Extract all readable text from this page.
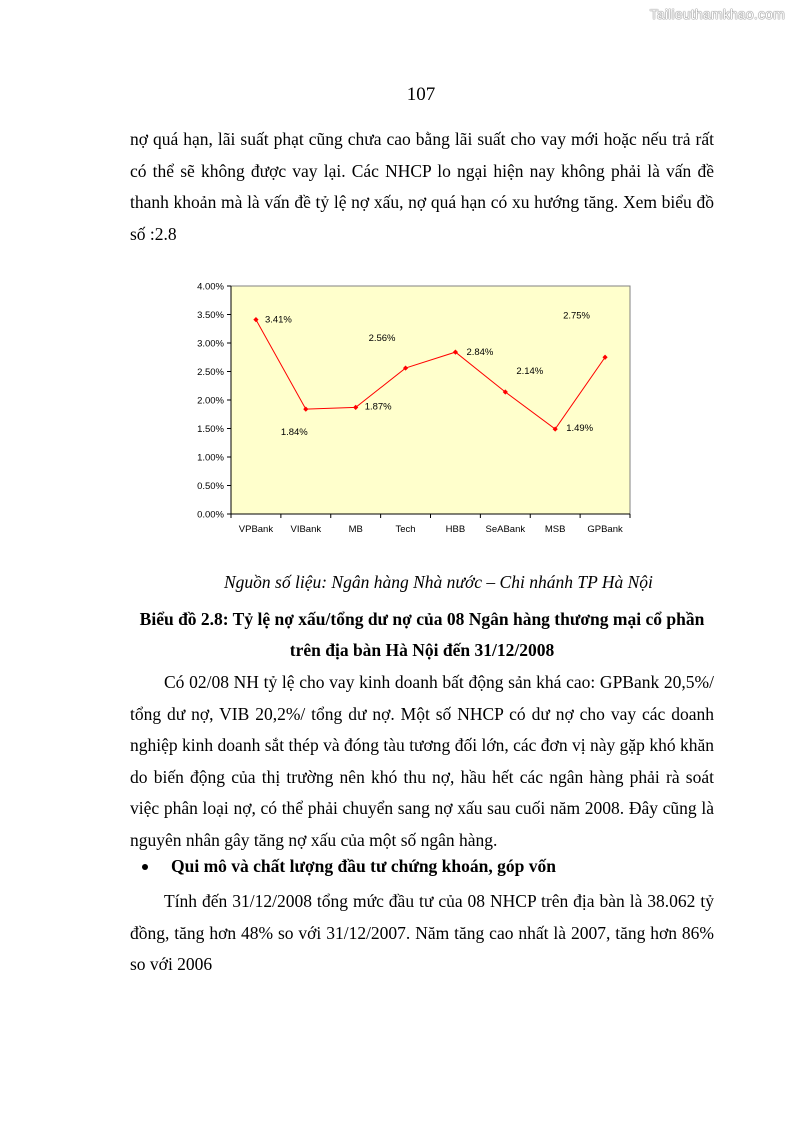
Tailieuthamkhao.com
107

nợ quá hạn, lãi suất phạt cũng chưa cao bằng lãi suất cho vay mới hoặc nếu trả rất có thể sẽ không được vay lại. Các NHCP lo ngại hiện nay không phải là vấn đề thanh khoản mà là vấn đề tỷ lệ nợ xấu, nợ quá hạn có xu hướng tăng. Xem biểu đồ số :2.8

0.00%
0.50%
1.00%
1.50%
2.00%
2.50%
3.00%
3.50%
4.00%
VPBank VIBank	MB	Tech	HBB SeABank MSB GPBank
3.41%
1.84%
1.87%
2.56%
2.84%
2.14%
1.49%
2.75%

Nguồn số liệu: Ngân hàng Nhà nước – Chi nhánh TP Hà Nội

Biểu đồ 2.8: Tỷ lệ nợ xấu/tổng dư nợ của 08 Ngân hàng thương mại cổ phần trên địa bàn Hà Nội đến 31/12/2008

Có 02/08 NH tỷ lệ cho vay kinh doanh bất động sản khá cao: GPBank 20,5%/ tổng dư nợ, VIB 20,2%/ tổng dư nợ. Một số NHCP có dư nợ cho vay các doanh nghiệp kinh doanh sắt thép và đóng tàu tương đối lớn, các đơn vị này gặp khó khăn do biến động của thị trường nên khó thu nợ, hầu hết các ngân hàng phải rà soát việc phân loại nợ, có thể phải chuyển sang nợ xấu sau cuối năm 2008. Đây cũng là nguyên nhân gây tăng nợ xấu của một số ngân hàng.

Qui mô và chất lượng đầu tư chứng khoán, góp vốn

Tính đến 31/12/2008 tổng mức đầu tư của 08 NHCP trên địa bàn là 38.062 tỷ đồng, tăng hơn 48% so với 31/12/2007. Năm tăng cao nhất là 2007, tăng hơn 86% so với 2006
